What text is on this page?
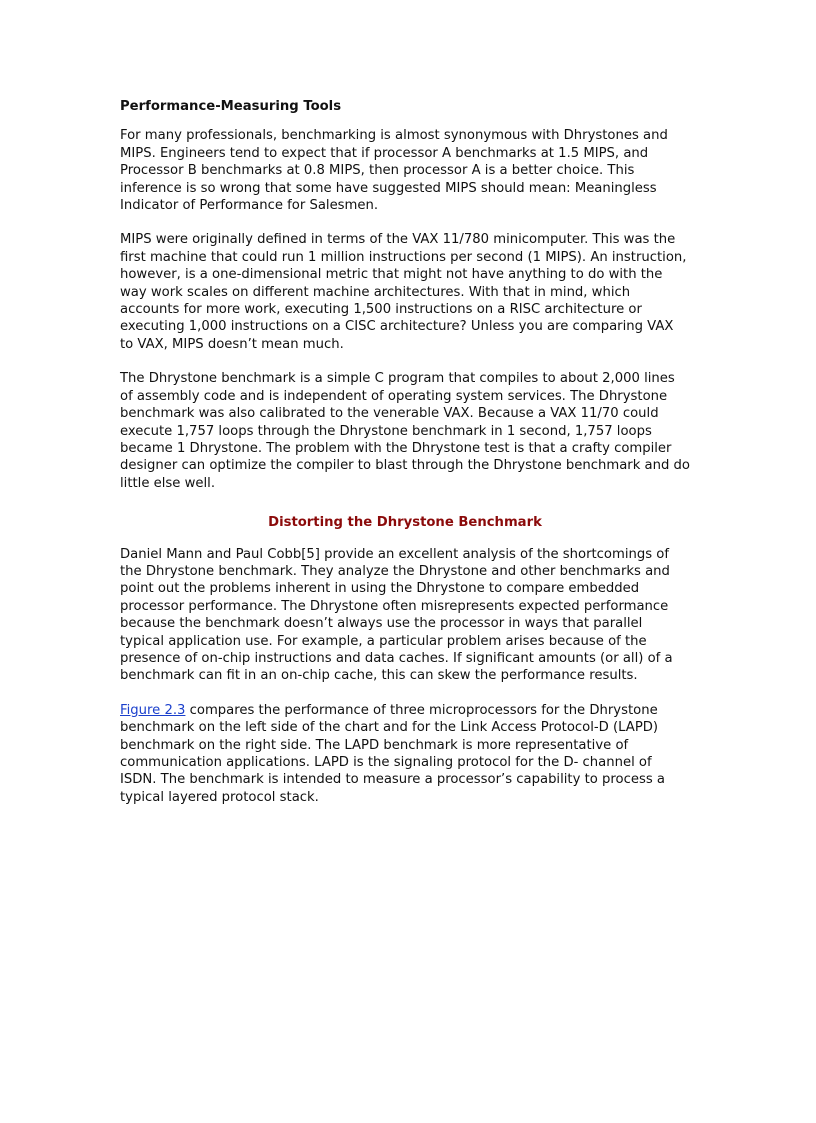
Performance-Measuring Tools

For many professionals, benchmarking is almost synonymous with Dhrystones and MIPS. Engineers tend to expect that if processor A benchmarks at 1.5 MIPS, and Processor B benchmarks at 0.8 MIPS, then processor A is a better choice. This inference is so wrong that some have suggested MIPS should mean: Meaningless Indicator of Performance for Salesmen.

MIPS were originally defined in terms of the VAX 11/780 minicomputer. This was the first machine that could run 1 million instructions per second (1 MIPS). An instruction, however, is a one-dimensional metric that might not have anything to do with the way work scales on different machine architectures. With that in mind, which accounts for more work, executing 1,500 instructions on a RISC architecture or executing 1,000 instructions on a CISC architecture? Unless you are comparing VAX to VAX, MIPS doesn’t mean much.

The Dhrystone benchmark is a simple C program that compiles to about 2,000 lines of assembly code and is independent of operating system services. The Dhrystone benchmark was also calibrated to the venerable VAX. Because a VAX 11/70 could execute 1,757 loops through the Dhrystone benchmark in 1 second, 1,757 loops became 1 Dhrystone. The problem with the Dhrystone test is that a crafty compiler designer can optimize the compiler to blast through the Dhrystone benchmark and do little else well.

Distorting the Dhrystone Benchmark

Daniel Mann and Paul Cobb[5] provide an excellent analysis of the shortcomings of the Dhrystone benchmark. They analyze the Dhrystone and other benchmarks and point out the problems inherent in using the Dhrystone to compare embedded processor performance. The Dhrystone often misrepresents expected performance because the benchmark doesn’t always use the processor in ways that parallel typical application use. For example, a particular problem arises because of the presence of on-chip instructions and data caches. If significant amounts (or all) of a benchmark can fit in an on-chip cache, this can skew the performance results.

Figure 2.3 compares the performance of three microprocessors for the Dhrystone benchmark on the left side of the chart and for the Link Access Protocol-D (LAPD) benchmark on the right side. The LAPD benchmark is more representative of communication applications. LAPD is the signaling protocol for the D- channel of ISDN. The benchmark is intended to measure a processor’s capability to process a typical layered protocol stack.
